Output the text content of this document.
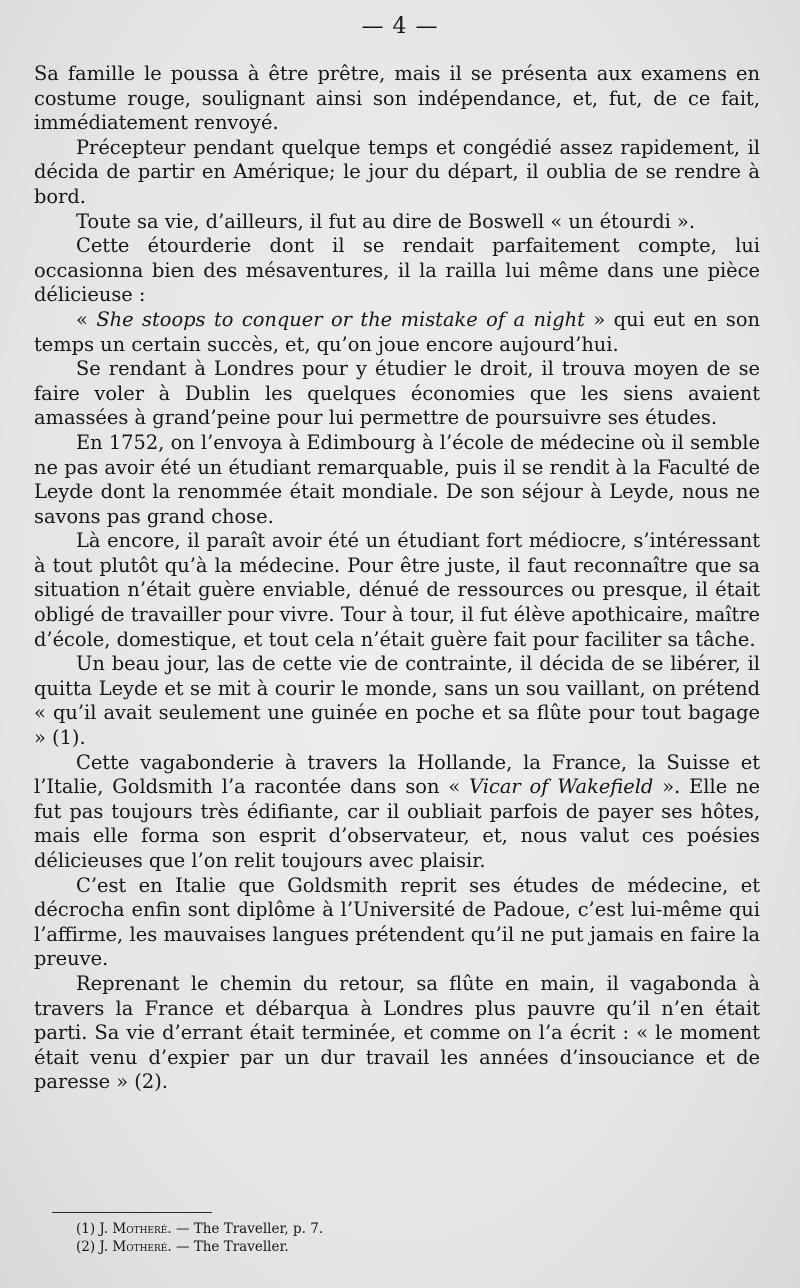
— 4 —

Sa famille le poussa à être prêtre, mais il se présenta aux examens en costume rouge, soulignant ainsi son indépendance, et, fut, de ce fait, immédiatement renvoyé.

Précepteur pendant quelque temps et congédié assez rapidement, il décida de partir en Amérique; le jour du départ, il oublia de se rendre à bord.

Toute sa vie, d’ailleurs, il fut au dire de Boswell « un étourdi ».

Cette étourderie dont il se rendait parfaitement compte, lui occasionna bien des mésaventures, il la railla lui même dans une pièce délicieuse :

« She stoops to conquer or the mistake of a night » qui eut en son temps un certain succès, et, qu’on joue encore aujourd’hui.

Se rendant à Londres pour y étudier le droit, il trouva moyen de se faire voler à Dublin les quelques économies que les siens avaient amassées à grand’peine pour lui permettre de poursuivre ses études.

En 1752, on l’envoya à Edimbourg à l’école de médecine où il semble ne pas avoir été un étudiant remarquable, puis il se rendit à la Faculté de Leyde dont la renommée était mondiale. De son séjour à Leyde, nous ne savons pas grand chose.

Là encore, il paraît avoir été un étudiant fort médiocre, s’intéressant à tout plutôt qu’à la médecine. Pour être juste, il faut reconnaître que sa situation n’était guère enviable, dénué de ressources ou presque, il était obligé de travailler pour vivre. Tour à tour, il fut élève apothicaire, maître d’école, domestique, et tout cela n’était guère fait pour faciliter sa tâche.

Un beau jour, las de cette vie de contrainte, il décida de se libérer, il quitta Leyde et se mit à courir le monde, sans un sou vaillant, on prétend « qu’il avait seulement une guinée en poche et sa flûte pour tout bagage » (1).

Cette vagabonderie à travers la Hollande, la France, la Suisse et l’Italie, Goldsmith l’a racontée dans son « Vicar of Wakefield ». Elle ne fut pas toujours très édifiante, car il oubliait parfois de payer ses hôtes, mais elle forma son esprit d’observateur, et, nous valut ces poésies délicieuses que l’on relit toujours avec plaisir.

C’est en Italie que Goldsmith reprit ses études de médecine, et décrocha enfin sont diplôme à l’Université de Padoue, c’est lui-même qui l’affirme, les mauvaises langues prétendent qu’il ne put jamais en faire la preuve.

Reprenant le chemin du retour, sa flûte en main, il vagabonda à travers la France et débarqua à Londres plus pauvre qu’il n’en était parti. Sa vie d’errant était terminée, et comme on l’a écrit : « le moment était venu d’expier par un dur travail les années d’insouciance et de paresse » (2).

(1) J. Motheré. — The Traveller, p. 7.

(2) J. Motheré. — The Traveller.
